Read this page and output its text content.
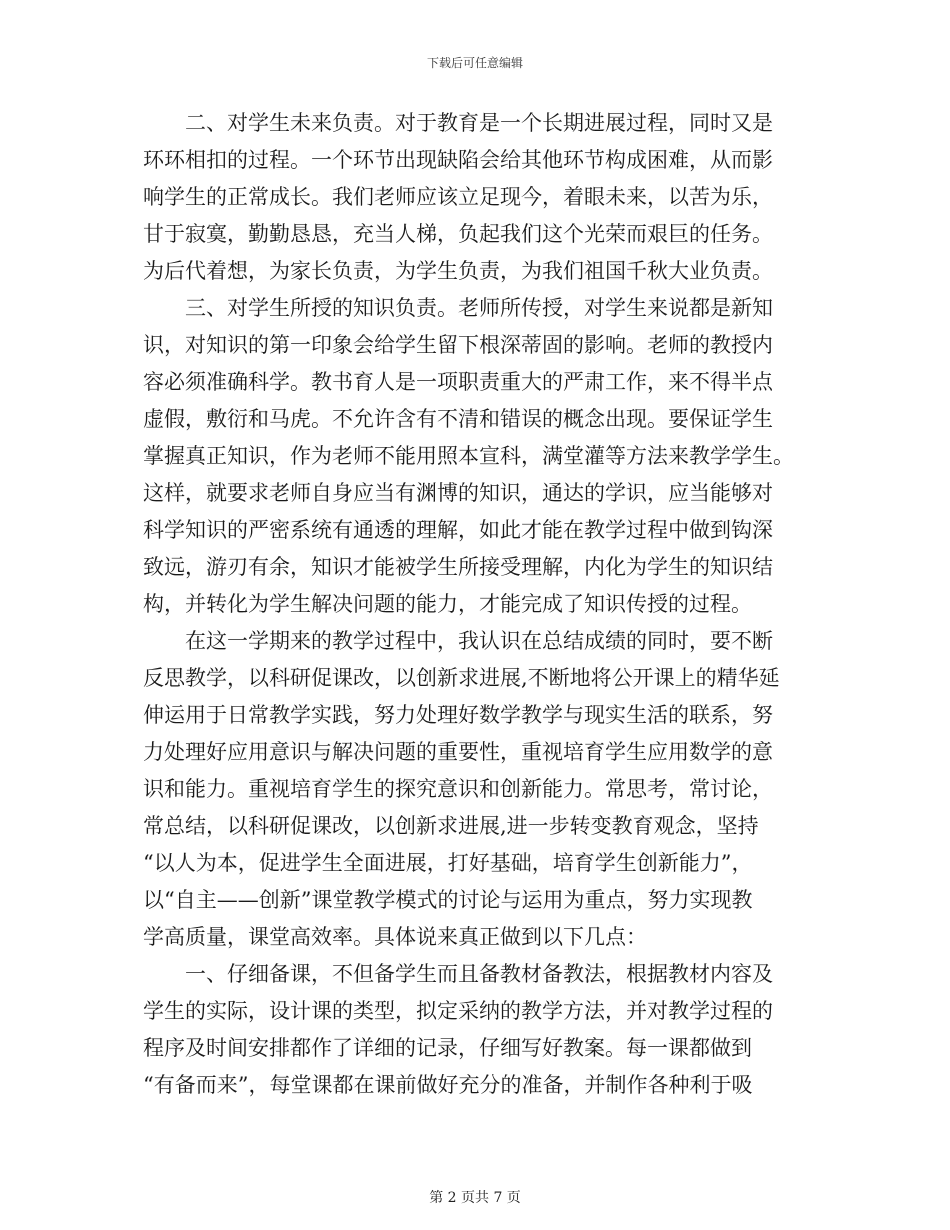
下载后可任意编辑
　　二、对学生未来负责。对于教育是一个长期进展过程，同时又是
环环相扣的过程。一个环节出现缺陷会给其他环节构成困难，从而影
响学生的正常成长。我们老师应该立足现今，着眼未来，以苦为乐，
甘于寂寞，勤勤恳恳，充当人梯，负起我们这个光荣而艰巨的任务。
为后代着想，为家长负责，为学生负责，为我们祖国千秋大业负责。
　　三、对学生所授的知识负责。老师所传授，对学生来说都是新知
识，对知识的第一印象会给学生留下根深蒂固的影响。老师的教授内
容必须准确科学。教书育人是一项职责重大的严肃工作，来不得半点
虚假，敷衍和马虎。不允许含有不清和错误的概念出现。要保证学生
掌握真正知识，作为老师不能用照本宣科，满堂灌等方法来教学学生。
这样，就要求老师自身应当有渊博的知识，通达的学识，应当能够对
科学知识的严密系统有通透的理解，如此才能在教学过程中做到钩深
致远，游刃有余，知识才能被学生所接受理解，内化为学生的知识结
构，并转化为学生解决问题的能力，才能完成了知识传授的过程。
　　在这一学期来的教学过程中，我认识在总结成绩的同时，要不断
反思教学，以科研促课改，以创新求进展,不断地将公开课上的精华延
伸运用于日常教学实践，努力处理好数学教学与现实生活的联系，努
力处理好应用意识与解决问题的重要性，重视培育学生应用数学的意
识和能力。重视培育学生的探究意识和创新能力。常思考，常讨论，
常总结，以科研促课改，以创新求进展,进一步转变教育观念，坚持
“以人为本，促进学生全面进展，打好基础，培育学生创新能力”，
以“自主——创新”课堂教学模式的讨论与运用为重点，努力实现教
学高质量，课堂高效率。具体说来真正做到以下几点：
　　一、仔细备课，不但备学生而且备教材备教法，根据教材内容及
学生的实际，设计课的类型，拟定采纳的教学方法，并对教学过程的
程序及时间安排都作了详细的记录，仔细写好教案。每一课都做到
“有备而来”，每堂课都在课前做好充分的准备，并制作各种利于吸
第 2 页共 7 页
